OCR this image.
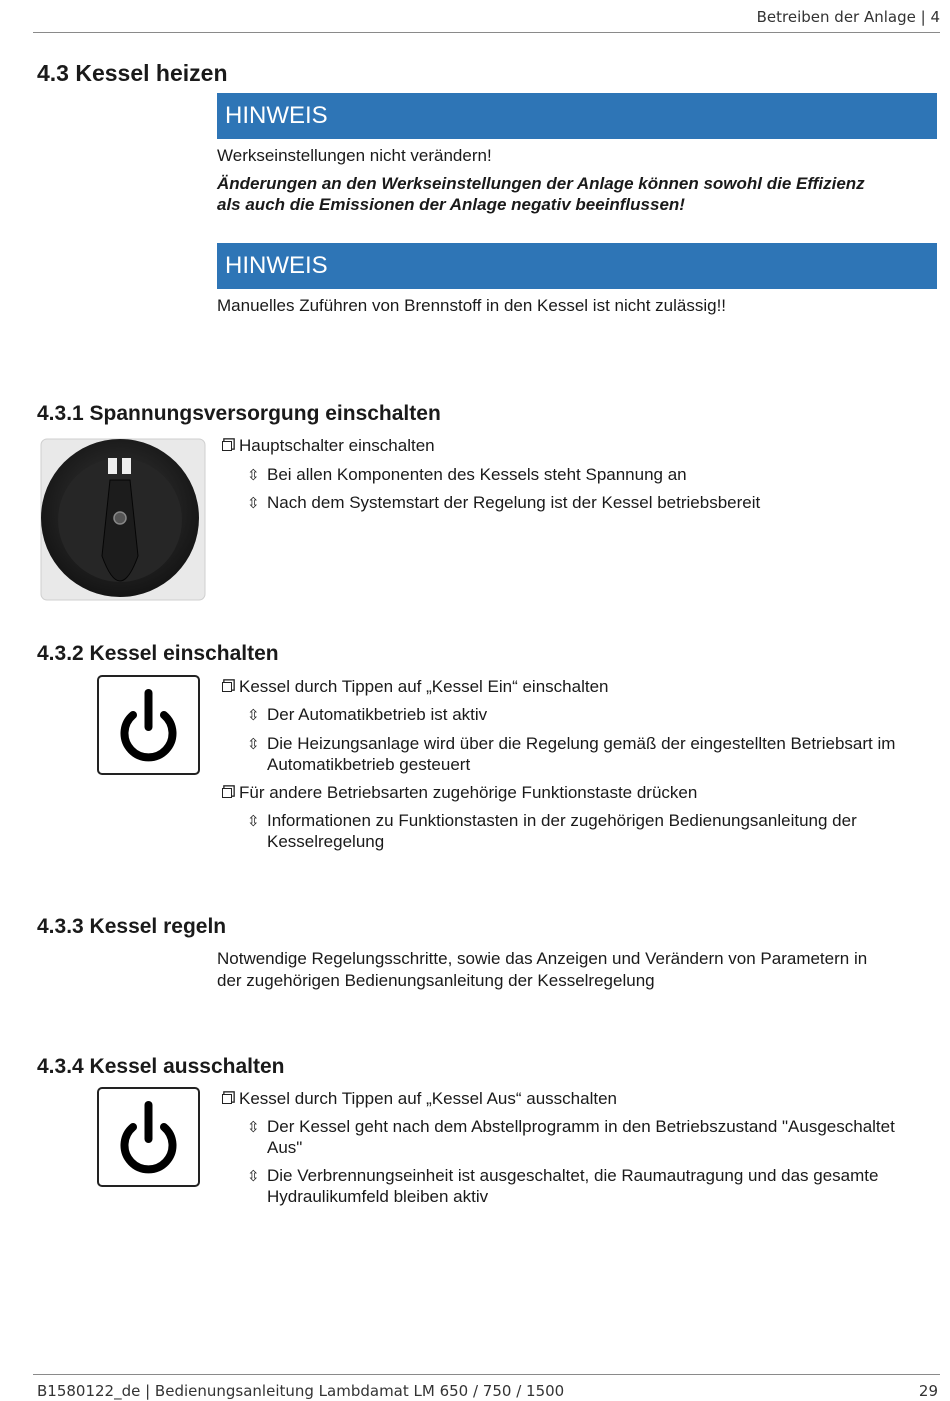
Betreiben der Anlage | 4
4.3 Kessel heizen
HINWEIS
Werkseinstellungen nicht verändern!
Änderungen an den Werkseinstellungen der Anlage können sowohl die Effizienz
als auch die Emissionen der Anlage negativ beeinflussen!
HINWEIS
Manuelles Zuführen von Brennstoff in den Kessel ist nicht zulässig!!
4.3.1 Spannungsversorgung einschalten
Hauptschalter einschalten
⇳ Bei allen Komponenten des Kessels steht Spannung an
⇳ Nach dem Systemstart der Regelung ist der Kessel betriebsbereit
4.3.2 Kessel einschalten
Kessel durch Tippen auf „Kessel Ein“ einschalten
⇳ Der Automatikbetrieb ist aktiv
⇳ Die Heizungsanlage wird über die Regelung gemäß der eingestellten Betriebsart im Automatikbetrieb gesteuert
Für andere Betriebsarten zugehörige Funktionstaste drücken
⇳ Informationen zu Funktionstasten in der zugehörigen Bedienungsanleitung der Kesselregelung
4.3.3 Kessel regeln
Notwendige Regelungsschritte, sowie das Anzeigen und Verändern von Parametern in
der zugehörigen Bedienungsanleitung der Kesselregelung
4.3.4 Kessel ausschalten
Kessel durch Tippen auf „Kessel Aus“ ausschalten
⇳ Der Kessel geht nach dem Abstellprogramm in den Betriebszustand "Ausgeschaltet Aus"
⇳ Die Verbrennungseinheit ist ausgeschaltet, die Raumautragung und das gesamte Hydraulikumfeld bleiben aktiv
B1580122_de | Bedienungsanleitung Lambdamat LM 650 / 750 / 1500	29
